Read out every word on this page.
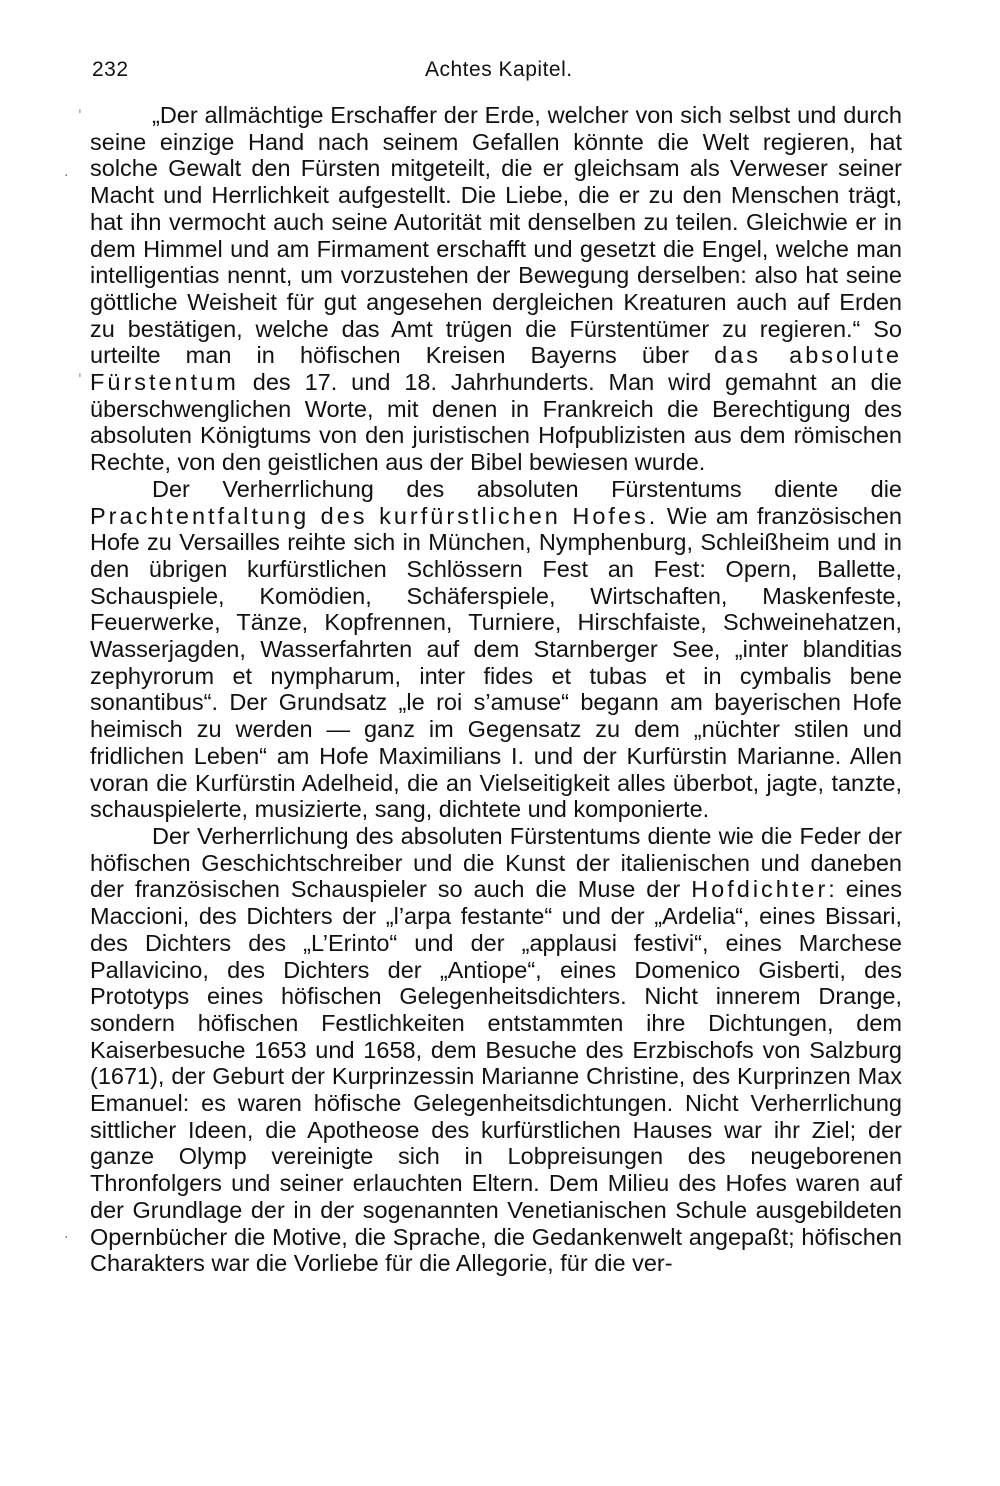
232	Achtes Kapitel.

„Der allmächtige Erschaffer der Erde, welcher von sich selbst und durch seine einzige Hand nach seinem Gefallen könnte die Welt regieren, hat solche Gewalt den Fürsten mitgeteilt, die er gleichsam als Verweser seiner Macht und Herrlichkeit aufgestellt. Die Liebe, die er zu den Menschen trägt, hat ihn vermocht auch seine Autorität mit denselben zu teilen. Gleichwie er in dem Himmel und am Firmament erschafft und gesetzt die Engel, welche man intelligentias nennt, um vorzustehen der Bewegung derselben: also hat seine göttliche Weisheit für gut angesehen dergleichen Kreaturen auch auf Erden zu bestätigen, welche das Amt trügen die Fürstentümer zu regieren.“ So urteilte man in höfischen Kreisen Bayerns über das absolute Fürstentum des 17. und 18. Jahrhunderts. Man wird gemahnt an die überschwenglichen Worte, mit denen in Frankreich die Berechtigung des absoluten Königtums von den juristischen Hofpublizisten aus dem römischen Rechte, von den geistlichen aus der Bibel bewiesen wurde.

Der Verherrlichung des absoluten Fürstentums diente die Prachtentfaltung des kurfürstlichen Hofes. Wie am französischen Hofe zu Versailles reihte sich in München, Nymphenburg, Schleißheim und in den übrigen kurfürstlichen Schlössern Fest an Fest: Opern, Ballette, Schauspiele, Komödien, Schäferspiele, Wirtschaften, Maskenfeste, Feuerwerke, Tänze, Kopfrennen, Turniere, Hirschfaiste, Schweinehatzen, Wasserjagden, Wasserfahrten auf dem Starnberger See, „inter blanditias zephyrorum et nympharum, inter fides et tubas et in cymbalis bene sonantibus“. Der Grundsatz „le roi s’amuse“ begann am bayerischen Hofe heimisch zu werden — ganz im Gegensatz zu dem „nüchter stilen und fridlichen Leben“ am Hofe Maximilians I. und der Kurfürstin Marianne. Allen voran die Kurfürstin Adelheid, die an Vielseitigkeit alles überbot, jagte, tanzte, schauspielerte, musizierte, sang, dichtete und komponierte.

Der Verherrlichung des absoluten Fürstentums diente wie die Feder der höfischen Geschichtschreiber und die Kunst der italienischen und daneben der französischen Schauspieler so auch die Muse der Hofdichter: eines Maccioni, des Dichters der „l’arpa festante“ und der „Ardelia“, eines Bissari, des Dichters des „L’Erinto“ und der „applausi festivi“, eines Marchese Pallavicino, des Dichters der „Antiope“, eines Domenico Gisberti, des Prototyps eines höfischen Gelegenheitsdichters. Nicht innerem Drange, sondern höfischen Festlichkeiten entstammten ihre Dichtungen, dem Kaiserbesuche 1653 und 1658, dem Besuche des Erzbischofs von Salzburg (1671), der Geburt der Kurprinzessin Marianne Christine, des Kurprinzen Max Emanuel: es waren höfische Gelegenheitsdichtungen. Nicht Verherrlichung sittlicher Ideen, die Apotheose des kurfürstlichen Hauses war ihr Ziel; der ganze Olymp vereinigte sich in Lobpreisungen des neugeborenen Thronfolgers und seiner erlauchten Eltern. Dem Milieu des Hofes waren auf der Grundlage der in der sogenannten Venetianischen Schule ausgebildeten Opernbücher die Motive, die Sprache, die Gedankenwelt angepaßt; höfischen Charakters war die Vorliebe für die Allegorie, für die ver-

ˈ
·
ˈ
·
